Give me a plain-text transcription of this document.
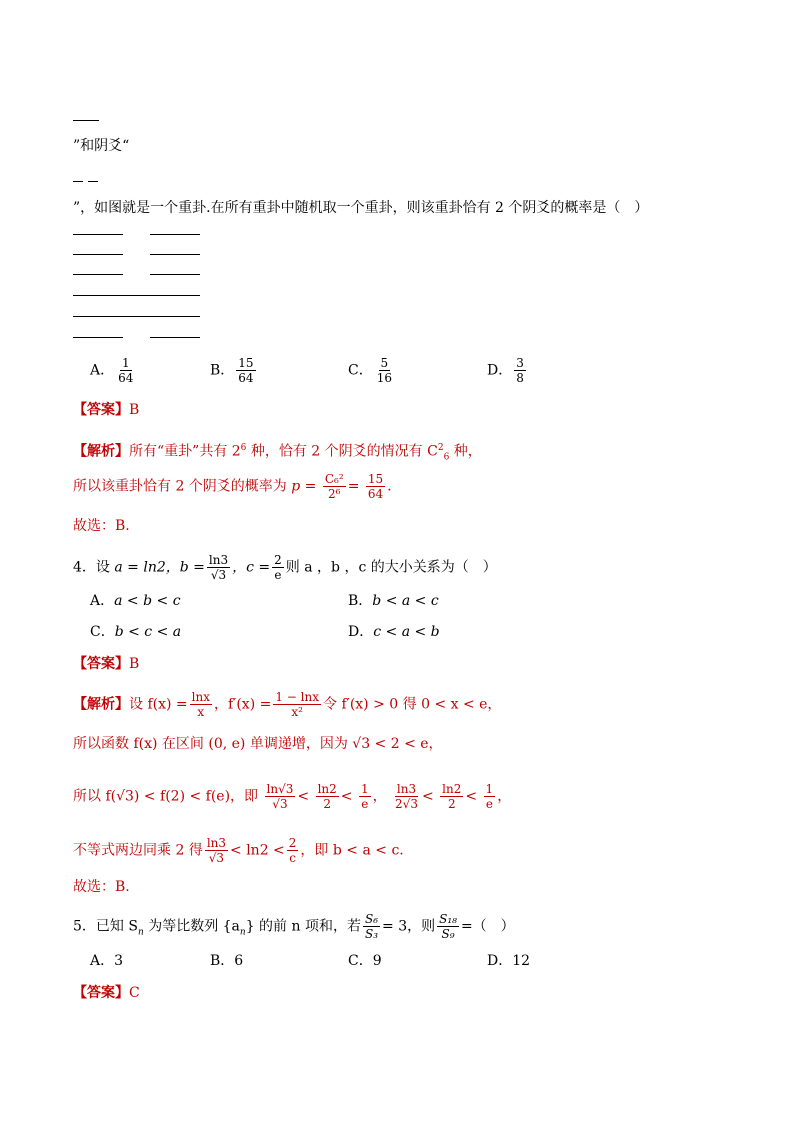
”和阴爻“
”，如图就是一个重卦.在所有重卦中随机取一个重卦，则该重卦恰有 2 个阴爻的概率是（　）
A． $\frac{1}{64}$	B． $\frac{15}{64}$	C． $\frac{5}{16}$	D． $\frac{3}{8}$
【答案】B
【解析】所有“重卦”共有 $2^6$ 种，恰有 2 个阴爻的情况有 $C^2_6$ 种，
所以该重卦恰有 2 个阴爻的概率为 $p = \frac{\text{C₆²}}{\text{2⁶}} = \frac{15}{64}$ .
故选：B.
4．设 a = ln2，$b = \frac{\ln 3}{√3}$ ，$c = \frac{2}{e}$ 则 a ，b ，c 的大小关系为（　）
A．a < b < c	B．b < a < c
C．b < c < a	D．c < a < b
【答案】B
【解析】设 $f(x) = \frac{\ln x}{x}$ ，$f'(x) = \frac{1 - \ln x}{\text{x²}}$ 令 f′(x) > 0 得 0 < x < e，
所以函数 f(x) 在区间 (0, e) 单调递增，因为 √3 < 2 < e，
所以 f(√3) < f(2) < f(e)，即 $\frac{\ln√3}{√3} < \frac{\ln 2}{2} < \frac{1}{e}$ ， $\frac{\ln 3}{2√3} < \frac{\ln 2}{2} < \frac{1}{e}$ ，
不等式两边同乘 2 得 $\frac{\ln 3}{√3} < \ln 2 < \frac{2}{c}$ ，即 b < a < c.
故选：B.
5．已知 $S_n$ 为等比数列 $\{a_n\}$ 的前 n 项和，若 $\frac{\text{S₆}}{\text{S₃}} = 3$，则 $\frac{\text{S₁₈}}{\text{S₉}}$ =（　）
A．3	B．6	C．9	D．12
【答案】C
